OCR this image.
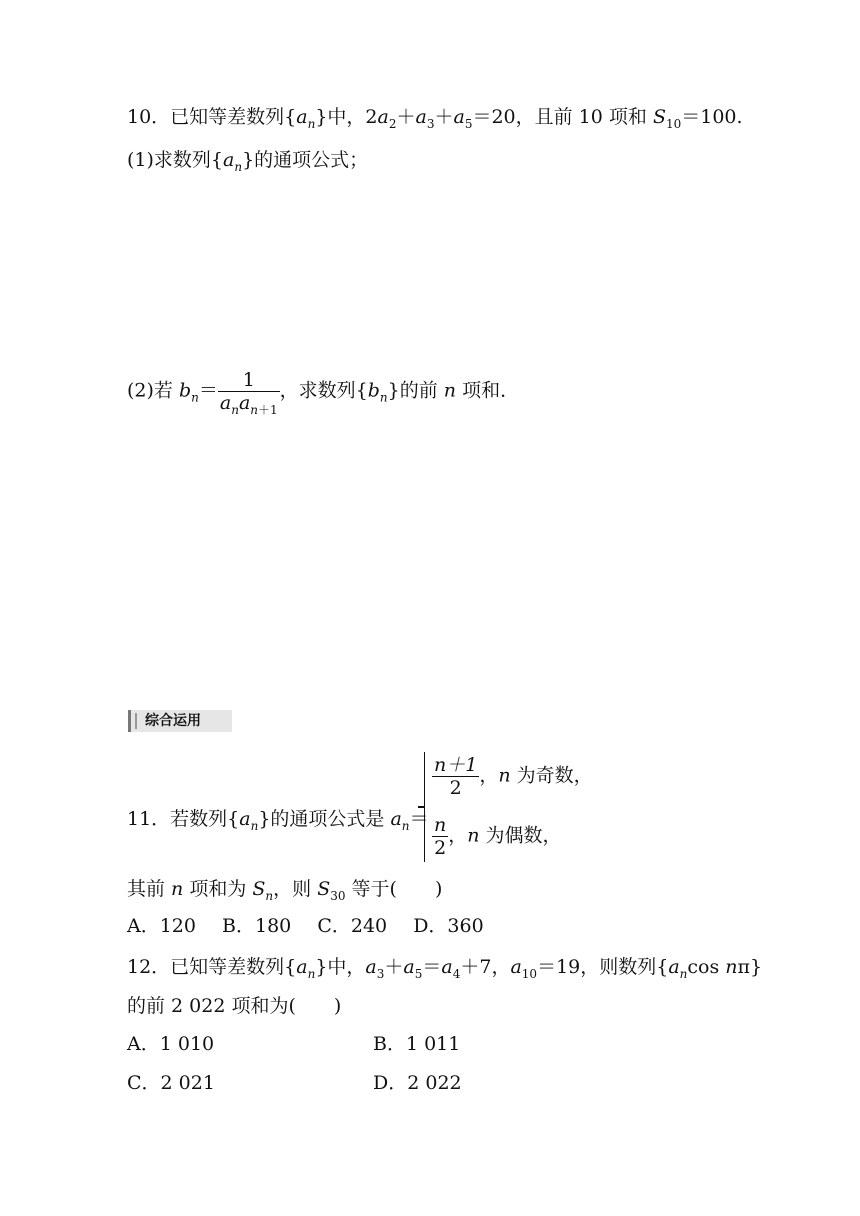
10．已知等差数列$\{a_n\}$中，$2a_2+a_3+a_5=20$，且前 10 项和 $S_{10}=100$.
(1)求数列$\{a_n\}$的通项公式；
(2)若 $b_n= \frac{1}{a_na_{n+1}}$ ，求数列$\{b_n\}$的前 n 项和．
综合运用
11．若数列$\{a_n\}$的通项公式是 $a_n=$
$\frac{n+1}{2}$ ，n 为奇数，
$\frac{n}{2}$ ，n 为偶数，
其前 n 项和为 $S_n$，则 $S_{30}$ 等于(　　)
A．120 B．180 C．240 D．360
12．已知等差数列$\{a_n\}$中，$a_3+a_5=a_4+7$，$a_{10}=19$，则数列{$a_n\cos$ nπ}
的前 2 022 项和为(　　)
A．1 010	B．1 011
C．2 021	D．2 022
